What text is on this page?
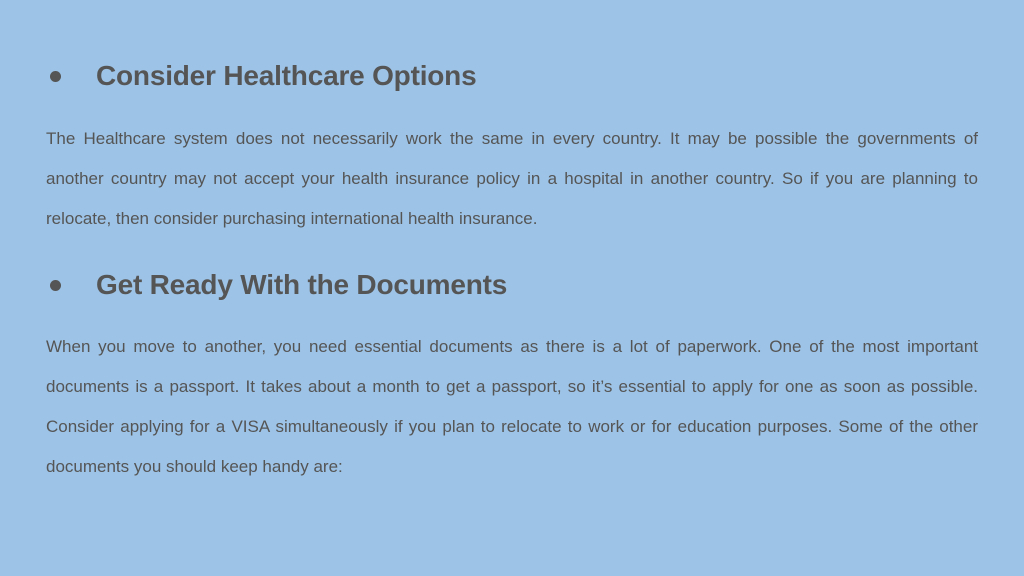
Consider Healthcare Options

The Healthcare system does not necessarily work the same in every country. It may be possible the governments of another country may not accept your health insurance policy in a hospital in another country. So if you are planning to relocate, then consider purchasing international health insurance.

Get Ready With the Documents

When you move to another, you need essential documents as there is a lot of paperwork. One of the most important documents is a passport. It takes about a month to get a passport, so it’s essential to apply for one as soon as possible. Consider applying for a VISA simultaneously if you plan to relocate to work or for education purposes. Some of the other documents you should keep handy are:
